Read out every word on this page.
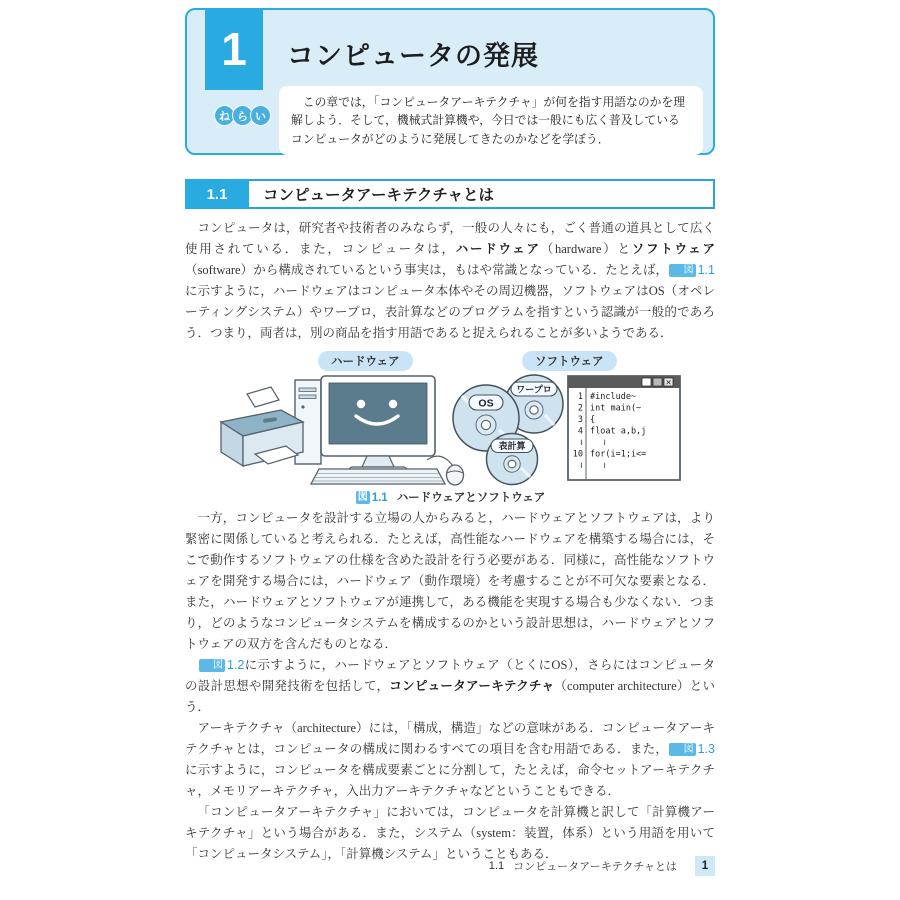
1	コンピュータの発展
ね ら い
この章では，「コンピュータアーキテクチャ」が何を指す用語なのかを理解しよう．そして，機械式計算機や，今日では一般にも広く普及しているコンピュータがどのように発展してきたのかなどを学ぼう．
1.1	コンピュータアーキテクチャとは

コンピュータは，研究者や技術者のみならず，一般の人々にも，ごく普通の道具として広く使用されている．また，コンピュータは，ハードウェア（hardware）とソフトウェア（software）から構成されているという事実は，もはや常識となっている．たとえば， 図 1.1に示すように，ハードウェアはコンピュータ本体やその周辺機器，ソフトウェアはOS（オペレーティングシステム）やワープロ，表計算などのプログラムを指すという認識が一般的であろう．つまり，両者は，別の商品を指す用語であると捉えられることが多いようである．

ハードウェア	ソフトウェア
ワープロ
OS
表計算
✕
1 #include~
2 int main(~
3 {
4 float a,b,j
≀ ≀
10 for(i=1;i<=
≀ ≀
図 1.1 ハードウェアとソフトウェア

一方，コンピュータを設計する立場の人からみると，ハードウェアとソフトウェアは，より緊密に関係していると考えられる．たとえば，高性能なハードウェアを構築する場合には，そこで動作するソフトウェアの仕様を含めた設計を行う必要がある．同様に，高性能なソフトウェアを開発する場合には，ハードウェア（動作環境）を考慮することが不可欠な要素となる．また，ハードウェアとソフトウェアが連携して，ある機能を実現する場合も少なくない．つまり，どのようなコンピュータシステムを構成するのかという設計思想は，ハードウェアとソフトウェアの双方を含んだものとなる．

図 1.2に示すように，ハードウェアとソフトウェア（とくにOS），さらにはコンピュータの設計思想や開発技術を包括して，コンピュータアーキテクチャ（computer architecture）という．

アーキテクチャ（architecture）には，「構成，構造」などの意味がある．コンピュータアーキテクチャとは，コンピュータの構成に関わるすべての項目を含む用語である．また， 図 1.3に示すように，コンピュータを構成要素ごとに分割して，たとえば，命令セットアーキテクチャ，メモリアーキテクチャ，入出力アーキテクチャなどということもできる．

「コンピュータアーキテクチャ」においては，コンピュータを計算機と訳して「計算機アーキテクチャ」という場合がある．また，システム（system：装置，体系）という用語を用いて「コンピュータシステム」，「計算機システム」ということもある．

1.1 コンピュータアーキテクチャとは	1
